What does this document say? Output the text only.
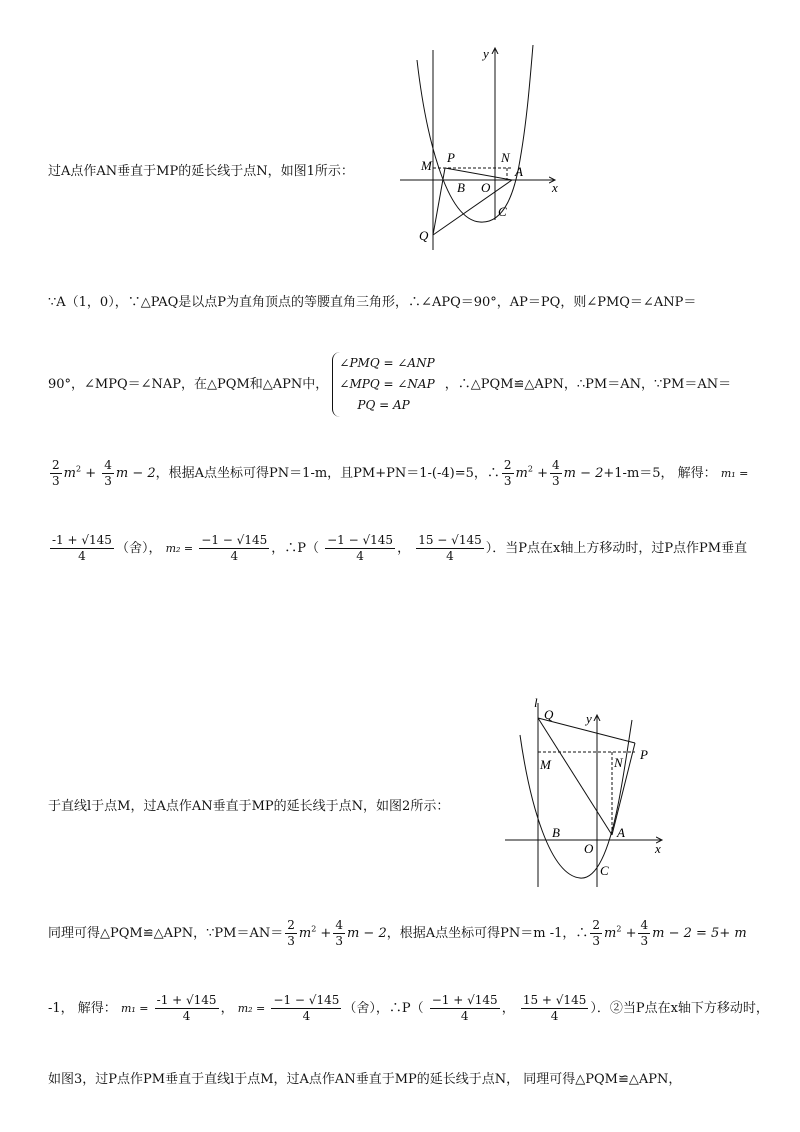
y
x
M
P	N
A
B O
C
Q
过A点作AN垂直于MP的延长线于点N，如图1所示：
∵A（1，0），∵△PAQ是以点P为直角顶点的等腰直角三角形，∴∠APQ＝90°，AP＝PQ，则∠PMQ＝∠ANP＝
90°，∠MPQ＝∠NAP，在△PQM和△APN中， ∠PMQ = ∠ANP
∠MPQ = ∠NAP
PQ = AP ，∴△PQM≌△APN，∴PM＝AN，∵PM＝AN＝
$\frac{2}{3} m^2 + \frac{4}{3}$ m − 2，根据A点坐标可得PN＝1-m，且PM+PN＝1-(-4)=5，∴ $\frac{2}{3} m^2 + \frac{4}{3}$ m − 2+1-m＝5， 解得： m₁ =
$\frac{-1 + √145}{4}$ （舍）， $m_2 = \frac{-1 - √145}{4}$ ，∴P（ $\frac{-1 - √145}{4}$ ， $\frac{15 - √145}{4}$ ）．当P点在x轴上方移动时，过P点作PM垂直
l
Q	y
M	N
P
B	A
O	x
C
于直线l于点M，过A点作AN垂直于MP的延长线于点N，如图2所示：
同理可得△PQM≌△APN，∵PM＝AN＝ $\frac{2}{3} m^2 + \frac{4}{3}$ m − 2，根据A点坐标可得PN＝m -1，∴ $\frac{2}{3} m^2 + \frac{4}{3}$ m − 2 = 5+ m
-1， 解得： $m_1 = \frac{-1 + √145}{4}$ ， $m_2 = \frac{-1 - √145}{4}$ （舍），∴P（ $\frac{-1 + √145}{4}$ ， $\frac{15 + √145}{4}$ ）．②当P点在x轴下方移动时，
如图3，过P点作PM垂直于直线l于点M，过A点作AN垂直于MP的延长线于点N， 同理可得△PQM≌△APN，
